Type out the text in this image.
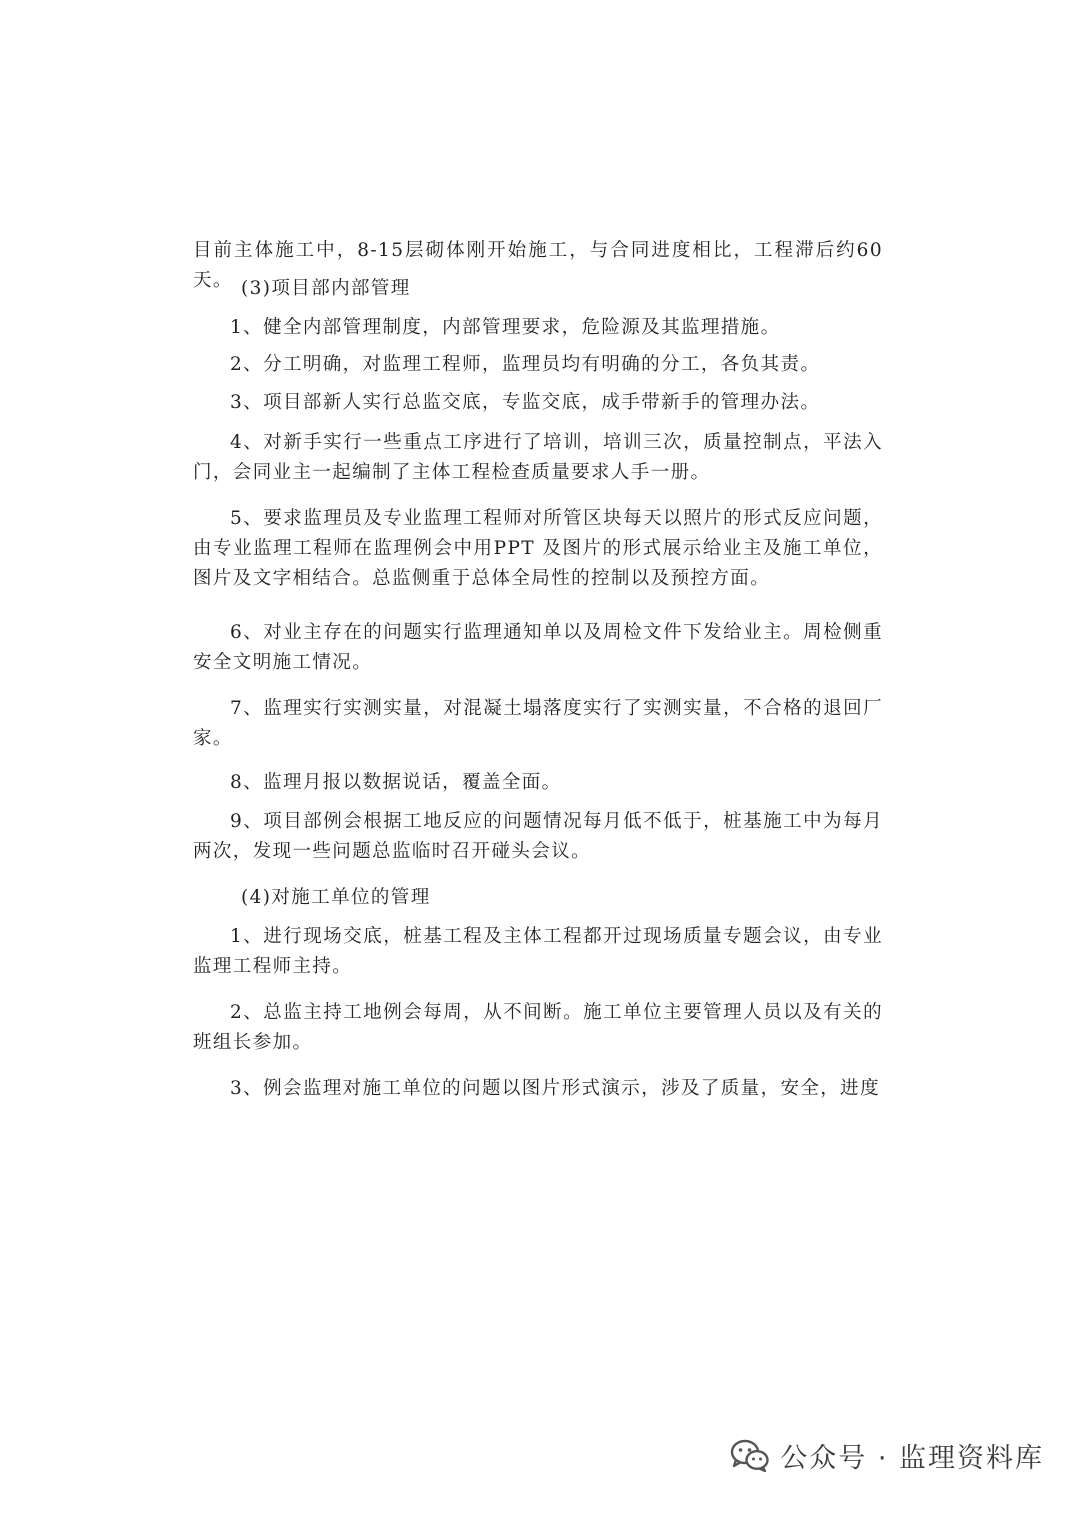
目前主体施工中，8-15层砌体刚开始施工，与合同进度相比，工程滞后约60天。 (3)项目部内部管理

1、健全内部管理制度，内部管理要求，危险源及其监理措施。

2、分工明确，对监理工程师，监理员均有明确的分工，各负其责。

3、项目部新人实行总监交底，专监交底，成手带新手的管理办法。

4、对新手实行一些重点工序进行了培训，培训三次，质量控制点，平法入门，会同业主一起编制了主体工程检查质量要求人手一册。

5、要求监理员及专业监理工程师对所管区块每天以照片的形式反应问题，由专业监理工程师在监理例会中用PPT 及图片的形式展示给业主及施工单位，图片及文字相结合。总监侧重于总体全局性的控制以及预控方面。

6、对业主存在的问题实行监理通知单以及周检文件下发给业主。周检侧重安全文明施工情况。

7、监理实行实测实量，对混凝土塌落度实行了实测实量，不合格的退回厂家。

8、监理月报以数据说话，覆盖全面。

9、项目部例会根据工地反应的问题情况每月低不低于，桩基施工中为每月两次，发现一些问题总监临时召开碰头会议。

(4)对施工单位的管理

1、进行现场交底，桩基工程及主体工程都开过现场质量专题会议，由专业监理工程师主持。

2、总监主持工地例会每周，从不间断。施工单位主要管理人员以及有关的班组长参加。

3、例会监理对施工单位的问题以图片形式演示，涉及了质量，安全，进度

公众号 · 监理资料库
